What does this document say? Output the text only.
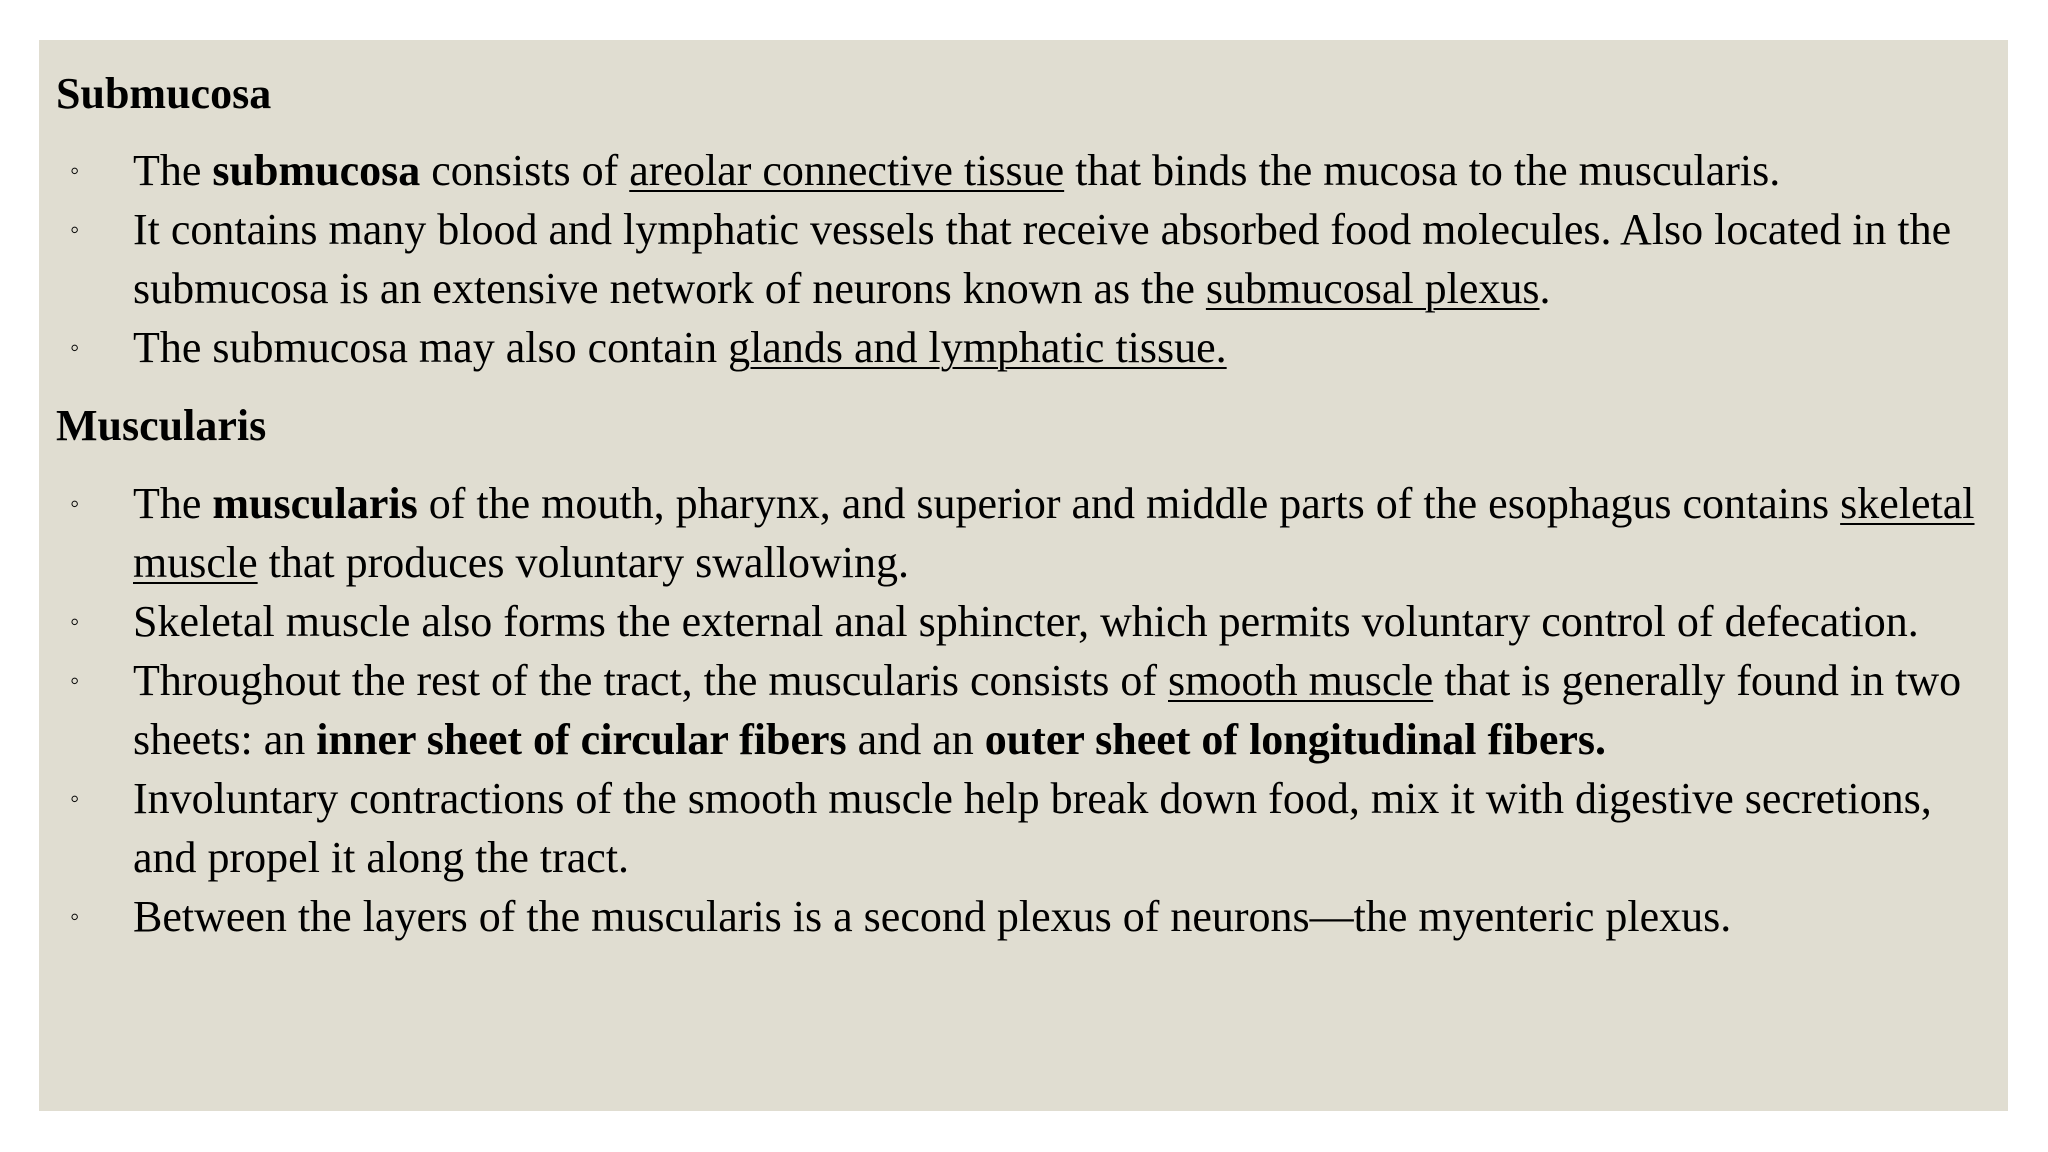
Submucosa
◦ The submucosa consists of areolar connective tissue that binds the mucosa to the muscularis.
◦ It contains many blood and lymphatic vessels that receive absorbed food molecules. Also located in the submucosa is an extensive network of neurons known as the submucosal plexus.
◦ The submucosa may also contain glands and lymphatic tissue.
Muscularis
◦ The muscularis of the mouth, pharynx, and superior and middle parts of the esophagus contains skeletal muscle that produces voluntary swallowing.
◦ Skeletal muscle also forms the external anal sphincter, which permits voluntary control of defecation.
◦ Throughout the rest of the tract, the muscularis consists of smooth muscle that is generally found in two sheets: an inner sheet of circular fibers and an outer sheet of longitudinal fibers.
◦ Involuntary contractions of the smooth muscle help break down food, mix it with digestive secretions, and propel it along the tract.
◦ Between the layers of the muscularis is a second plexus of neurons—the myenteric plexus.
